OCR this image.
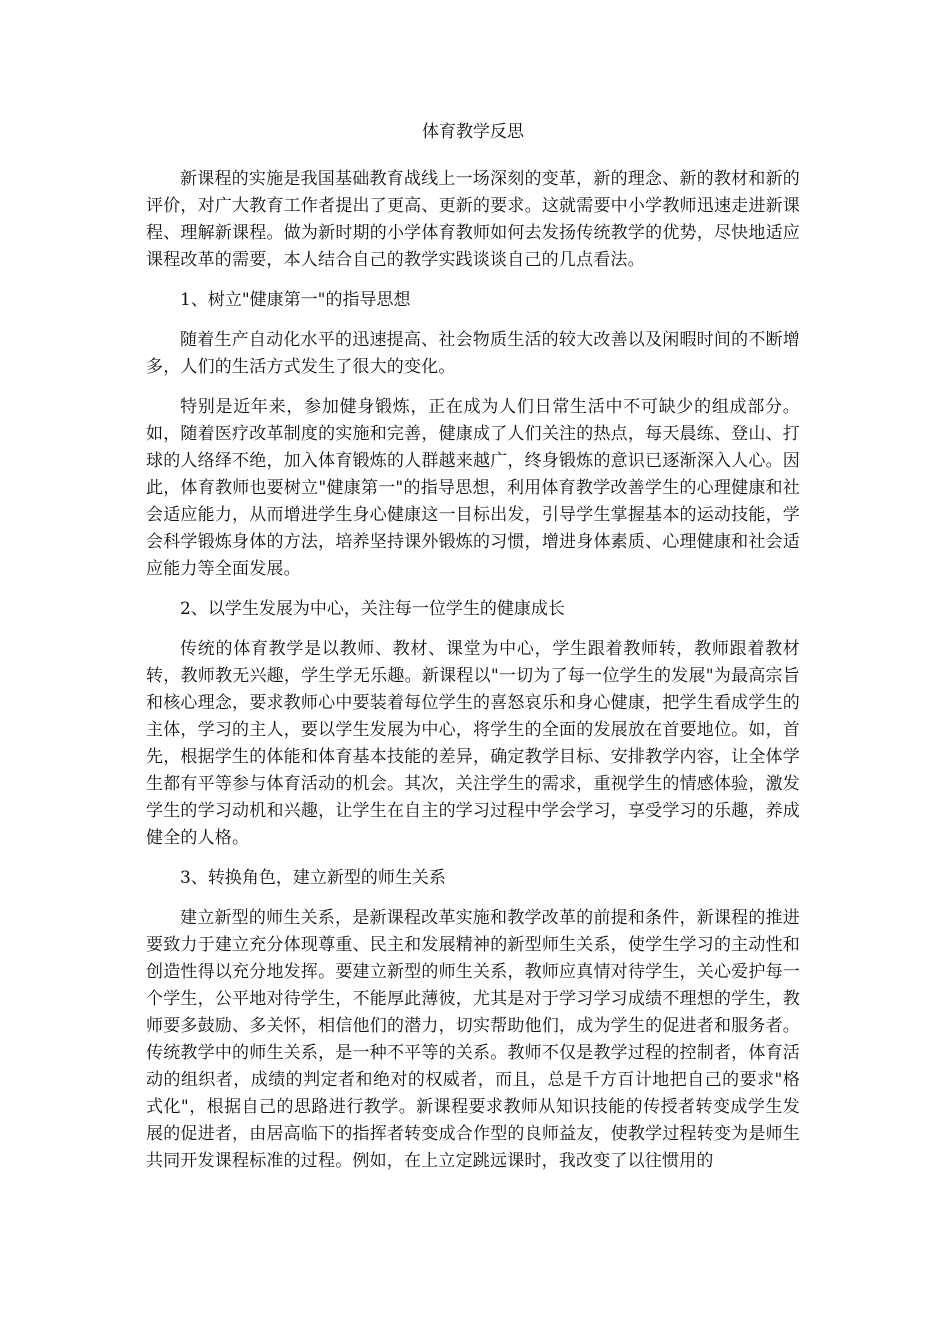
体育教学反思

新课程的实施是我国基础教育战线上一场深刻的变革，新的理念、新的教材和新的评价，对广大教育工作者提出了更高、更新的要求。这就需要中小学教师迅速走进新课程、理解新课程。做为新时期的小学体育教师如何去发扬传统教学的优势，尽快地适应课程改革的需要，本人结合自己的教学实践谈谈自己的几点看法。

1、树立"健康第一"的指导思想

随着生产自动化水平的迅速提高、社会物质生活的较大改善以及闲暇时间的不断增多，人们的生活方式发生了很大的变化。

特别是近年来，参加健身锻炼，正在成为人们日常生活中不可缺少的组成部分。如，随着医疗改革制度的实施和完善，健康成了人们关注的热点，每天晨练、登山、打球的人络绎不绝，加入体育锻炼的人群越来越广，终身锻炼的意识已逐渐深入人心。因此，体育教师也要树立"健康第一"的指导思想，利用体育教学改善学生的心理健康和社会适应能力，从而增进学生身心健康这一目标出发，引导学生掌握基本的运动技能，学会科学锻炼身体的方法，培养坚持课外锻炼的习惯，增进身体素质、心理健康和社会适应能力等全面发展。

2、以学生发展为中心，关注每一位学生的健康成长

传统的体育教学是以教师、教材、课堂为中心，学生跟着教师转，教师跟着教材转，教师教无兴趣，学生学无乐趣。新课程以"一切为了每一位学生的发展"为最高宗旨和核心理念，要求教师心中要装着每位学生的喜怒哀乐和身心健康，把学生看成学生的主体，学习的主人，要以学生发展为中心，将学生的全面的发展放在首要地位。如，首先，根据学生的体能和体育基本技能的差异，确定教学目标、安排教学内容，让全体学生都有平等参与体育活动的机会。其次，关注学生的需求，重视学生的情感体验，激发学生的学习动机和兴趣，让学生在自主的学习过程中学会学习，享受学习的乐趣，养成健全的人格。

3、转换角色，建立新型的师生关系

建立新型的师生关系，是新课程改革实施和教学改革的前提和条件，新课程的推进要致力于建立充分体现尊重、民主和发展精神的新型师生关系，使学生学习的主动性和创造性得以充分地发挥。要建立新型的师生关系，教师应真情对待学生，关心爱护每一个学生，公平地对待学生，不能厚此薄彼，尤其是对于学习学习成绩不理想的学生，教师要多鼓励、多关怀，相信他们的潜力，切实帮助他们，成为学生的促进者和服务者。传统教学中的师生关系，是一种不平等的关系。教师不仅是教学过程的控制者，体育活动的组织者，成绩的判定者和绝对的权威者，而且，总是千方百计地把自己的要求"格式化"，根据自己的思路进行教学。新课程要求教师从知识技能的传授者转变成学生发展的促进者，由居高临下的指挥者转变成合作型的良师益友，使教学过程转变为是师生共同开发课程标准的过程。例如，在上立定跳远课时，我改变了以往惯用的
